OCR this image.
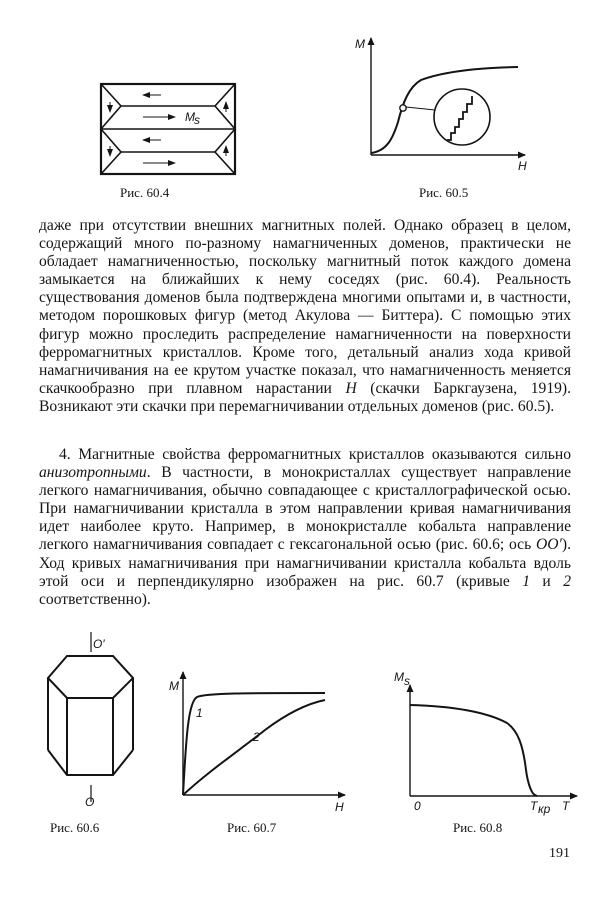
M s
Рис. 60.4
M
H
Рис. 60.5

даже при отсутствии внешних магнитных полей. Однако образец в целом, содержащий много по-разному намагниченных доменов, практически не обладает намагниченностью, поскольку магнитный поток каждого домена замыкается на ближайших к нему соседях (рис. 60.4). Реальность существования доменов была подтверждена многими опытами и, в частности, методом порошковых фигур (метод Акулова — Биттера). С помощью этих фигур можно проследить распределение намагниченности на поверхности ферромагнитных кристаллов. Кроме того, детальный анализ хода кривой намагничивания на ее крутом участке показал, что намагниченность меняется скачкообразно при плавном нарастании H (скачки Баркгаузена, 1919). Возникают эти скачки при перемагничивании отдельных доменов (рис. 60.5).

4. Магнитные свойства ферромагнитных кристаллов оказываются сильно анизотропными. В частности, в монокристаллах существует направление легкого намагничивания, обычно совпадающее с кристаллографической осью. При намагничивании кристалла в этом направлении кривая намагничивания идет наиболее круто. Например, в монокристалле кобальта направление легкого намагничивания совпадает с гексагональной осью (рис. 60.6; ось OO′). Ход кривых намагничивания при намагничивании кристалла кобальта вдоль этой оси и перпендикулярно изображен на рис. 60.7 (кривые 1 и 2 соответственно).

O′
O
Рис. 60.6
M
H
1
2
Рис. 60.7
M s
0	T
T кр
Рис. 60.8
191
